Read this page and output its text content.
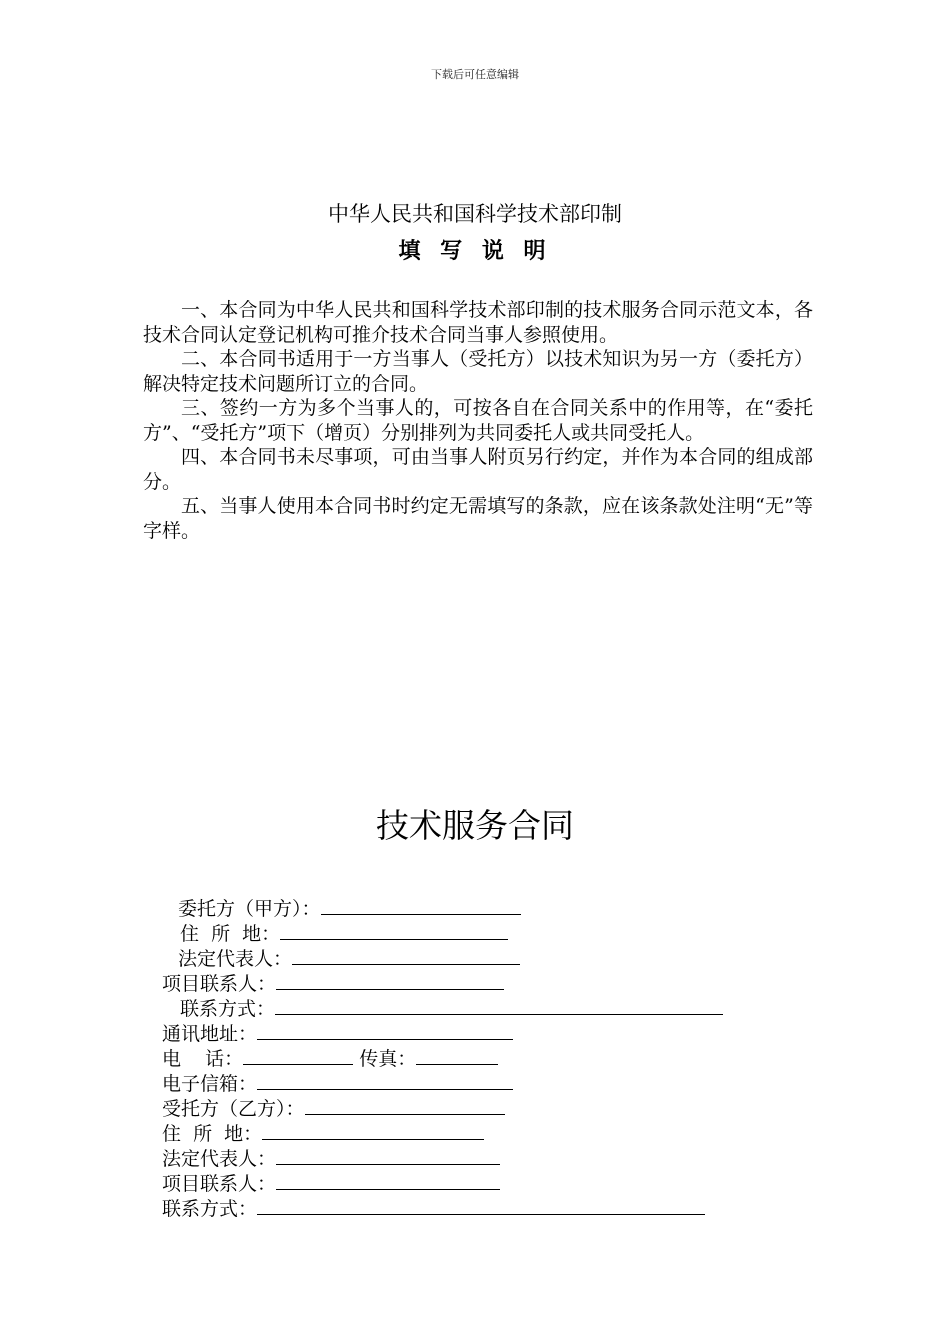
下载后可任意编辑
中华人民共和国科学技术部印制
填 写 说 明

一、本合同为中华人民共和国科学技术部印制的技术服务合同示范文本，各技术合同认定登记机构可推介技术合同当事人参照使用。

二、本合同书适用于一方当事人（受托方）以技术知识为另一方（委托方）解决特定技术问题所订立的合同。

三、签约一方为多个当事人的，可按各自在合同关系中的作用等，在“委托方”、“受托方”项下（增页）分别排列为共同委托人或共同受托人。

四、本合同书未尽事项，可由当事人附页另行约定，并作为本合同的组成部分。

五、当事人使用本合同书时约定无需填写的条款，应在该条款处注明“无”等字样。

技术服务合同
委托方（甲方）：
住  所  地：
法定代表人：
项目联系人：
联系方式：
通讯地址：
电    话：	传真：
电子信箱：
受托方（乙方）：
住  所  地：
法定代表人：
项目联系人：
联系方式：
